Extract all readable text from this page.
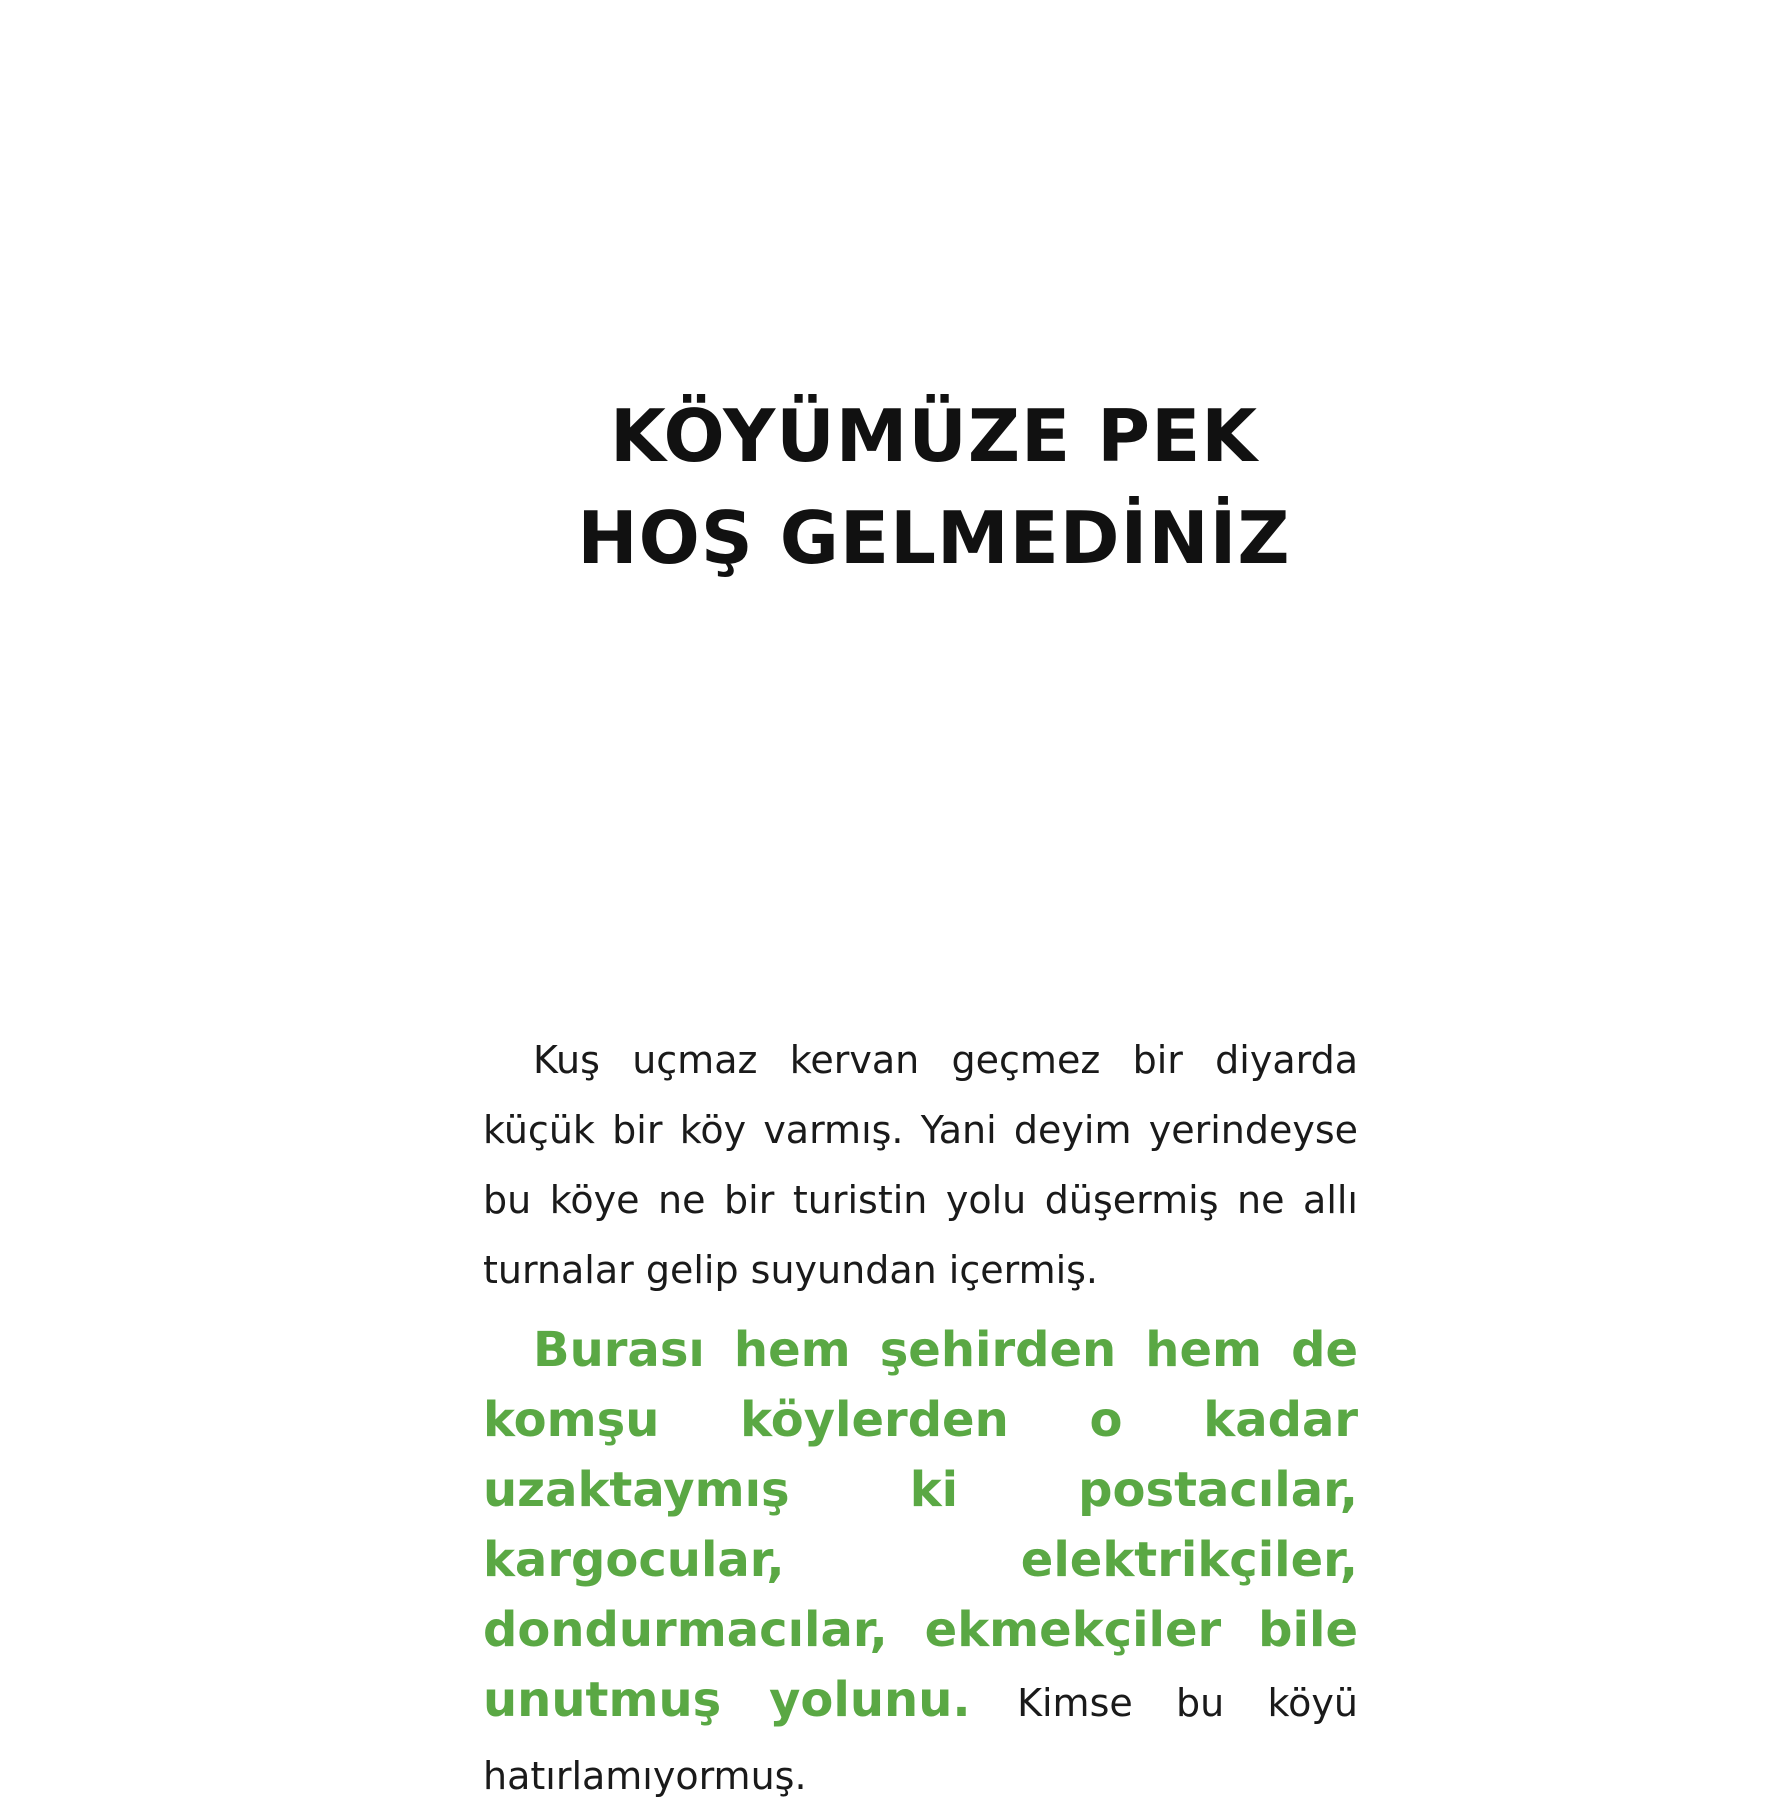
KÖYÜMÜZE PEK
HOŞ GELMEDİNİZ

Kuş uçmaz kervan geçmez bir diyarda küçük bir köy varmış. Yani deyim yerindeyse bu köye ne bir turistin yolu düşermiş ne allı turnalar gelip suyundan içermiş.

Burası hem şehirden hem de komşu köylerden o kadar uzaktaymış ki postacılar, kargocular, elektrikçiler, dondurmacılar, ekmekçiler bile unutmuş yolunu. Kimse bu köyü hatırlamıyormuş.
